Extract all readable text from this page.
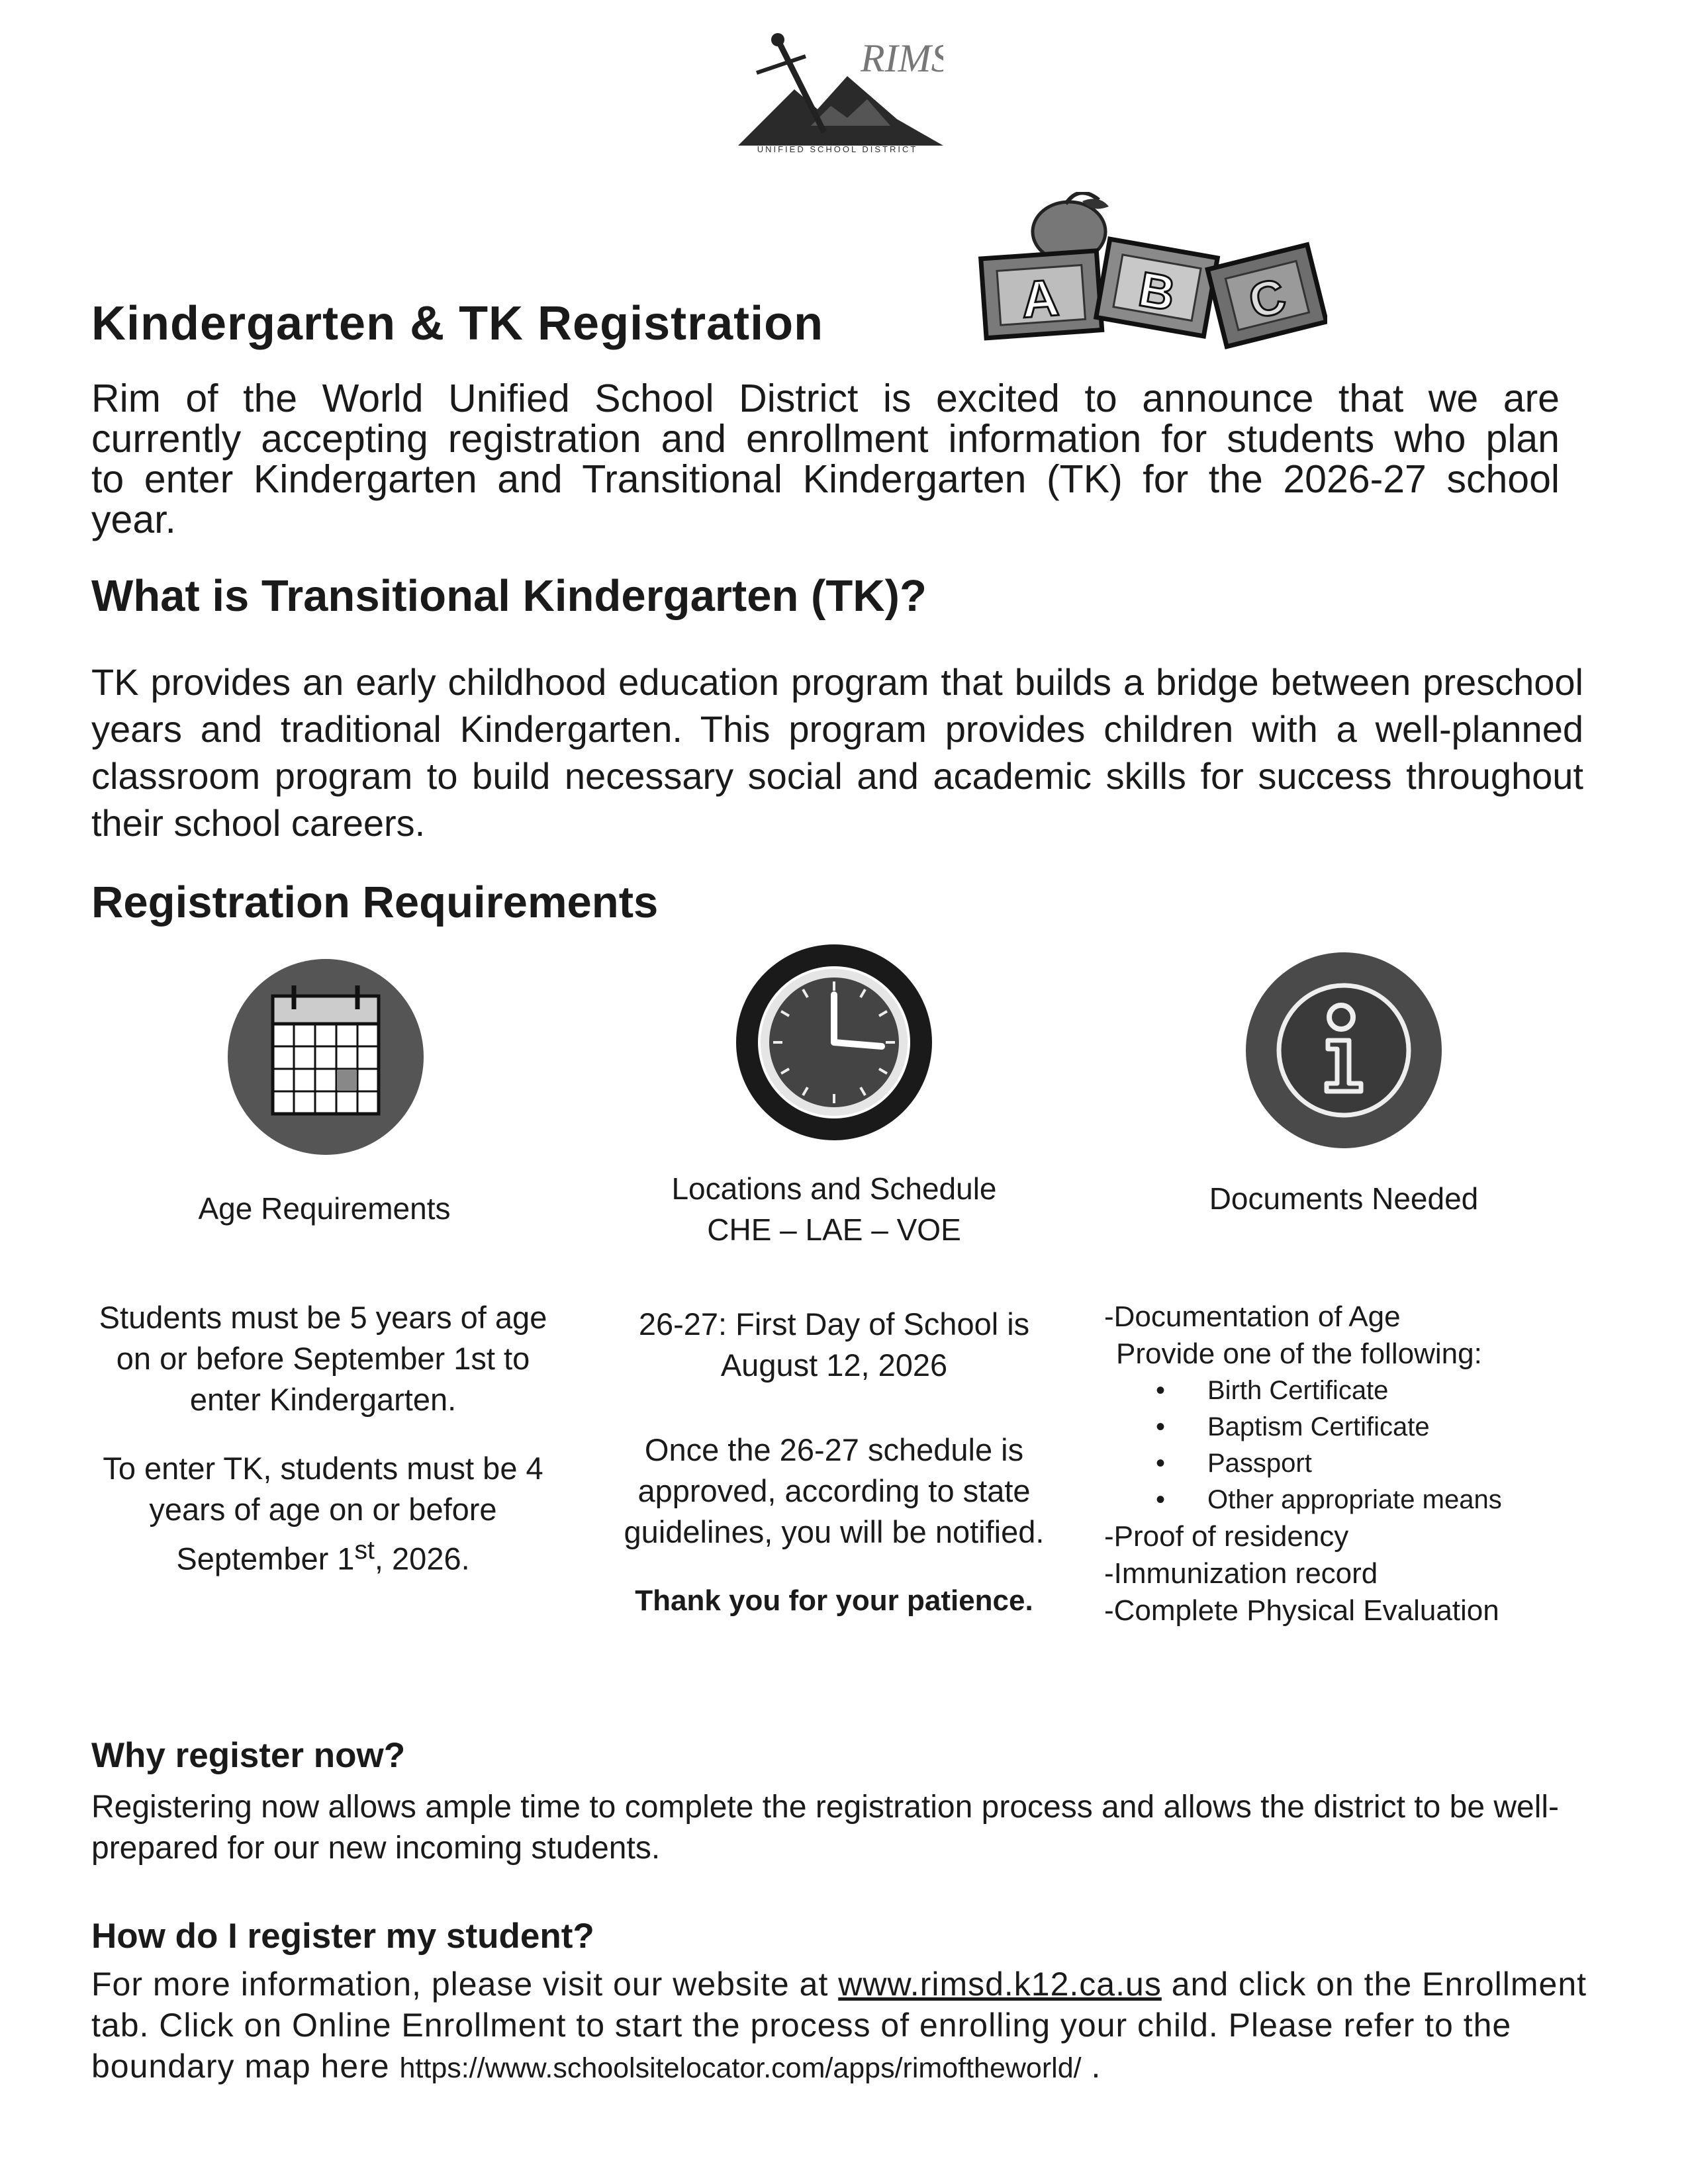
RIMS
UNIFIED SCHOOL DISTRICT
A B C
Kindergarten & TK Registration

Rim of the World Unified School District is excited to announce that we are currently accepting registration and enrollment information for students who plan to enter Kindergarten and Transitional Kindergarten (TK) for the 2026-27 school year.

What is Transitional Kindergarten (TK)?

TK provides an early childhood education program that builds a bridge between preschool years and traditional Kindergarten. This program provides children with a well-planned classroom program to build necessary social and academic skills for success throughout their school careers.

Registration Requirements
Age Requirements
Locations and Schedule
CHE – LAE – VOE
Documents Needed

Students must be 5 years of age on or before September 1st to enter Kindergarten.

To enter TK, students must be 4 years of age on or before September 1st, 2026.

26-27: First Day of School is August 12, 2026

Once the 26-27 schedule is approved, according to state guidelines, you will be notified.

Thank you for your patience.

-Documentation of Age
Provide one of the following:
• Birth Certificate
• Baptism Certificate
• Passport
• Other appropriate means
-Proof of residency
-Immunization record
-Complete Physical Evaluation
Why register now?

Registering now allows ample time to complete the registration process and allows the district to be well-prepared for our new incoming students.

How do I register my student?

For more information, please visit our website at www.rimsd.k12.ca.us and click on the Enrollment tab. Click on Online Enrollment to start the process of enrolling your child. Please refer to the boundary map here https://www.schoolsitelocator.com/apps/rimoftheworld/ .
